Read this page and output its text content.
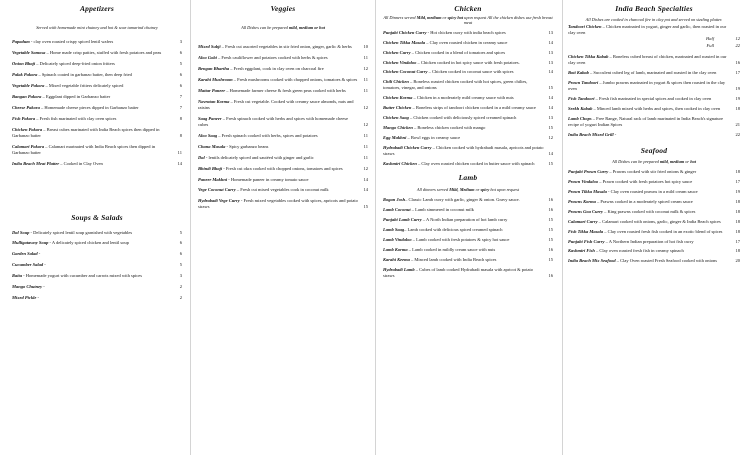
Appetizers
Served with homemade mint chutney and hot & sour tamarind chutney
Papadum - clay oven roasted crispy spiced lentil wafers	3
Vegetable Samosa – Home made crisp patties, stuffed with fresh potatoes and peas	6
Onion Bhaji – Delicately spiced deep-fried onion fritters	5
Palak Pakora – Spinach coated in garbanzo batter, then deep fried	6
Vegetable Pakora – Mixed vegetable fritters delicately spiced	6
Bangan Pakora – Eggplant dipped in Garbanzo batter	7
Cheese Pakora – Homemade cheese pieces dipped in Garbanzo batter	7
Fish Pakora – Fresh fish marinated with clay oven spices	8
Chicken Pakora – Breast cubes marinated with India Beach spices then dipped in Garbanzo batter	8
Calamari Pakora – Calamari marinated with India Beach spices then dipped in Garbanzo batter	11
India Beach Meat Platter – Cooked in Clay Oven	14
Soups & Salads
Dal Soup - Delicately spiced lentil soup garnished with vegetables	5
Mulligatawny Soup - A delicately spiced chicken and lentil soup	6
Garden Salad -	6
Cucumber Salad -	5
Raita - Homemade yogurt with cucumber and carrots mixed with spices	3
Mango Chutney -	2
Mixed Pickle -	2
Veggies
All Dishes can be prepared mild, medium or hot
Mixed Subji – Fresh cut assorted vegetables in stir fried onion, ginger, garlic & herbs	10
Aloo Gobi – Fresh cauliflower and potatoes cooked with herbs & spices	11
Bengan Bhartha – Fresh eggplant, cook in clay oven on charcoal fire	12
Karahi Mushroom – Fresh mushrooms cooked with chopped onions, tomatoes & spices 11
Mattar Paneer – Homemade farmer cheese & fresh green peas cooked with herbs	11
Navratan Korma – Fresh cut vegetable. Cooked with creamy sauce almonds, nuts and raisins	12
Saag Paneer – Fresh spinach cooked with herbs and spices with homemade cheese cubes	12
Aloo Saag – Fresh spinach cooked with herbs, spices and potatoes	11
Chana Masala - Spicy garbanzo beans	11
Dal - lentils delicately spiced and sautéed with ginger and garlic	11
Bhindi Bhaji - Fresh cut okra cooked with chopped onions, tomatoes and spices	12
Paneer Makhni - Homemade paneer in creamy tomato sauce	14
Vege Coconut Curry – Fresh cut mixed vegetables cook in coconut milk	14
Hydrabadi Vege Curry - Fresh mixed vegetables cooked with spices, apricots and potato straws	15
Chicken
All Dinners served Mild, medium or spicy hot upon request All the chicken dishes use fresh breast meat
Punjabi Chicken Curry - Hot chicken curry with india beach spices	13
Chicken Tikka Masala – Clay oven roasted chicken in creamy sauce	14
Chicken Curry – Chicken cooked in a blend of tomatoes and spices	13
Chicken Vindaloo – Chicken cooked in hot spicy sauce with fresh potatoes.	13
Chicken Coconut Curry – Chicken cooked in coconut sauce with spices	14
Chili Chicken – Boneless roasted chicken cooked with hot spices, green chilies, tomatoes, vinegar, and onions	15
Chicken Korma – Chicken in a moderately mild creamy sauce with nuts	14
Butter Chicken – Boneless strips of tandoori chicken cooked in a mild creamy sauce	14
Chicken Saag – Chicken cooked with deliciously spiced creamed spinach	13
Mango Chicken – Boneless chicken cooked with mango	15
Egg Makhni – Bowl eggs in creamy sauce	12
Hydrabadi Chicken Curry – Chicken cooked with hydrabadi masala, apricots and potato straws	14
Kashmiri Chicken – Clay oven roasted chicken cooked in butter sauce with spinach	15
Lamb
All dinners served Mild, Medium or spicy hot upon request
Rogan Josh– Classic Lamb curry with garlic, ginger & onion. Gravy sauce.	16
Lamb Coconut – Lamb simmered in coconut milk	16
Punjabi Lamb Curry – A North Indian preparation of hot lamb curry	15
Lamb Saag– Lamb cooked with delicious spiced creamed spinach	15
Lamb Vindaloo – Lamb cooked with fresh potatoes & spicy hot sauce	15
Lamb Korma – Lamb cooked in mildly cream sauce with nuts	16
Karahi Keema – Minced lamb cooked with India Beach spices	15
Hydrabadi Lamb – Cubes of lamb cooked Hydrabadi masala with apricot & potato straws	16
India Beach Specialties
All Dishes are cooked in charcoal fire in clay pot and served on sizzling platter.
Tandoori Chicken – Chicken marinated in yogurt, ginger and garlic, then roasted in our clay oven
Half	12
Full	22
Chicken Tikka Kabab – Boneless cubed breast of chicken, marinated and roasted in our clay oven	16
Boti Kabab – Succulent cubed leg of lamb, marinated and roasted in the clay oven	17
Prawn Tandoori – Jumbo prawns marinated in yogurt & spices then roasted in the clay oven	19
Fish Tandoori – Fresh fish marinated in special spices and cooked in clay oven	19
Seekh Kabab – Minced lamb mixed with herbs and spices, then cooked in clay oven	18
Lamb Chops – Free Range, Natural rack of lamb marinated in India Beach's signature recipe of yogurt Indian Spices	21
India Beach Mixed Grill -	22
Seafood
All Dishes can be prepared mild, medium or hot
Punjabi Prawn Curry – Prawns cooked with stir fried onions & ginger	18
Prawn Vindaloo – Prawn cooked with fresh potatoes hot spicy sauce	17
Prawn Tikka Masala - Clay oven roasted prawns in a mild cream sauce	19
Prawns Korma – Prawns cooked in a moderately spiced cream sauce	18
Prawns Goa Curry – King prawns cooked with coconut milk & spices	18
Calamari Curry – Calamari cooked with onions, garlic, ginger & India Beach spices	18
Fish Tikka Masala – Clay oven roasted fresh fish cooked in an exotic blend of spices	18
Punjabi Fish Curry – A Northern Indian preparation of hot fish curry	17
Kashmiri Fish – Clay oven roasted fresh fish in creamy spinach	18
India Beach Mix Seafood – Clay Oven roasted Fresh Seafood cooked with onions	20
